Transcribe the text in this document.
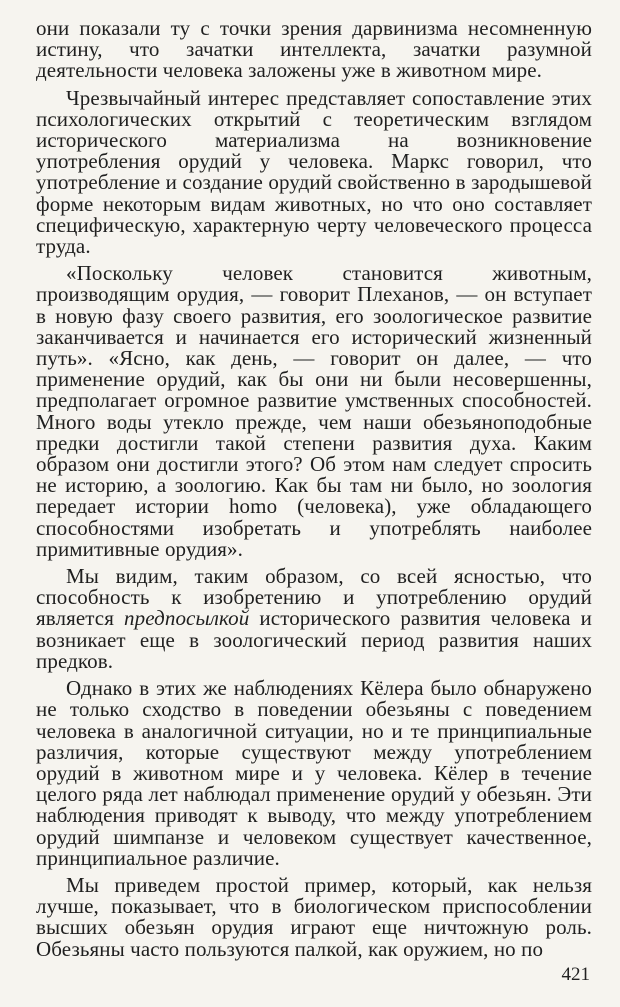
они показали ту с точки зрения дарвинизма несомненную истину, что зачатки интеллекта, зачатки разумной деятельности человека заложены уже в животном мире.

Чрезвычайный интерес представляет сопоставление этих психологических открытий с теоретическим взглядом исторического материализма на возникновение употребления орудий у человека. Маркс говорил, что употребление и создание орудий свойственно в зародышевой форме некоторым видам животных, но что оно составляет специфическую, характерную черту человеческого процесса труда.

«Поскольку человек становится животным, производящим орудия, — говорит Плеханов, — он вступает в новую фазу своего развития, его зоологическое развитие заканчивается и начинается его исторический жизненный путь». «Ясно, как день, — говорит он далее, — что применение орудий, как бы они ни были несовершенны, предполагает огромное развитие умственных способностей. Много воды утекло прежде, чем наши обезьяноподобные предки достигли такой степени развития духа. Каким образом они достигли этого? Об этом нам следует спросить не историю, а зоологию. Как бы там ни было, но зоология передает истории homo (человека), уже обладающего способностями изобретать и употреблять наиболее примитивные орудия».

Мы видим, таким образом, со всей ясностью, что способность к изобретению и употреблению орудий является предпосылкой исторического развития человека и возникает еще в зоологический период развития наших предков.

Однако в этих же наблюдениях Кёлера было обнаружено не только сходство в поведении обезьяны с поведением человека в аналогичной ситуации, но и те принципиальные различия, которые существуют между употреблением орудий в животном мире и у человека. Кёлер в течение целого ряда лет наблюдал применение орудий у обезьян. Эти наблюдения приводят к выводу, что между употреблением орудий шимпанзе и человеком существует качественное, принципиальное различие.

Мы приведем простой пример, который, как нельзя лучше, показывает, что в биологическом приспособлении высших обезьян орудия играют еще ничтожную роль. Обезьяны часто пользуются палкой, как оружием, но по

421
